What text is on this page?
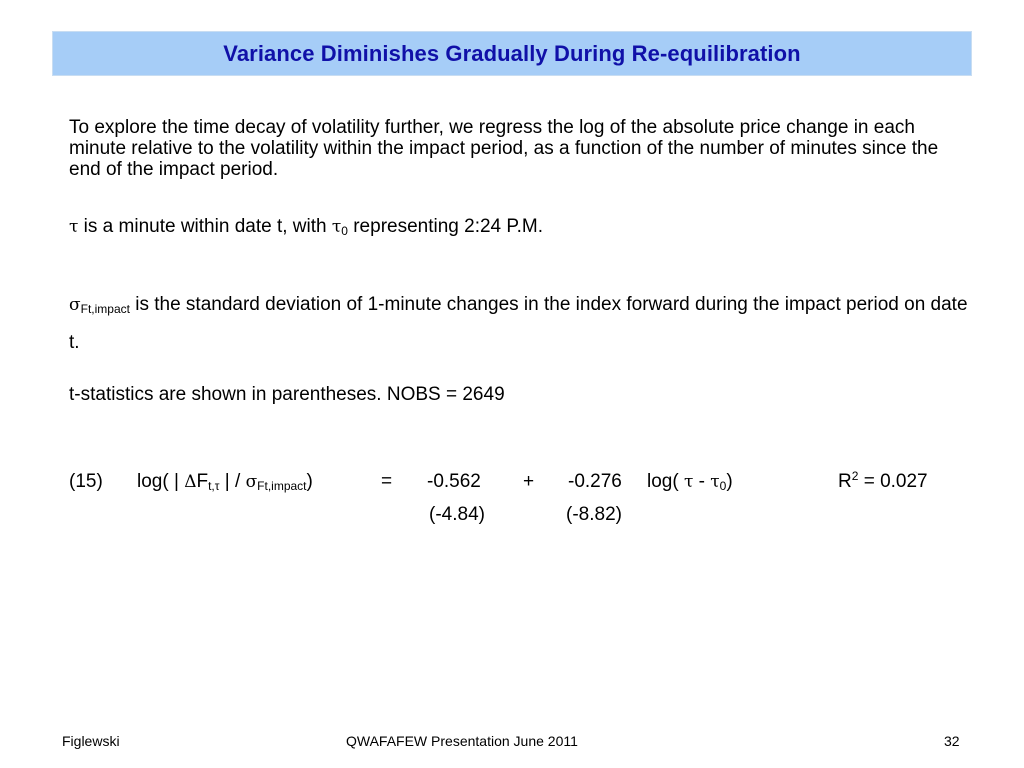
Variance Diminishes Gradually During Re-equilibration

To explore the time decay of volatility further, we regress the log of the absolute price change in each minute relative to the volatility within the impact period, as a function of the number of minutes since the end of the impact period.

τ is a minute within date t, with $\tau_0$ representing 2:24 P.M.

$\sigma_{Ft,impact}$ is the standard deviation of 1-minute changes in the index forward during the impact period on date t.

t-statistics are shown in parentheses. NOBS = 2649

(15) log( | $\Delta F_{t,\tau}$ | / $\sigma_{Ft,impact}$)	= -0.562 + -0.276 log( τ - $\tau_0$)	$R^2 = 0.027$
(-4.84)	(-8.82)
Figlewski	QWAFAFEW Presentation June 2011	32
